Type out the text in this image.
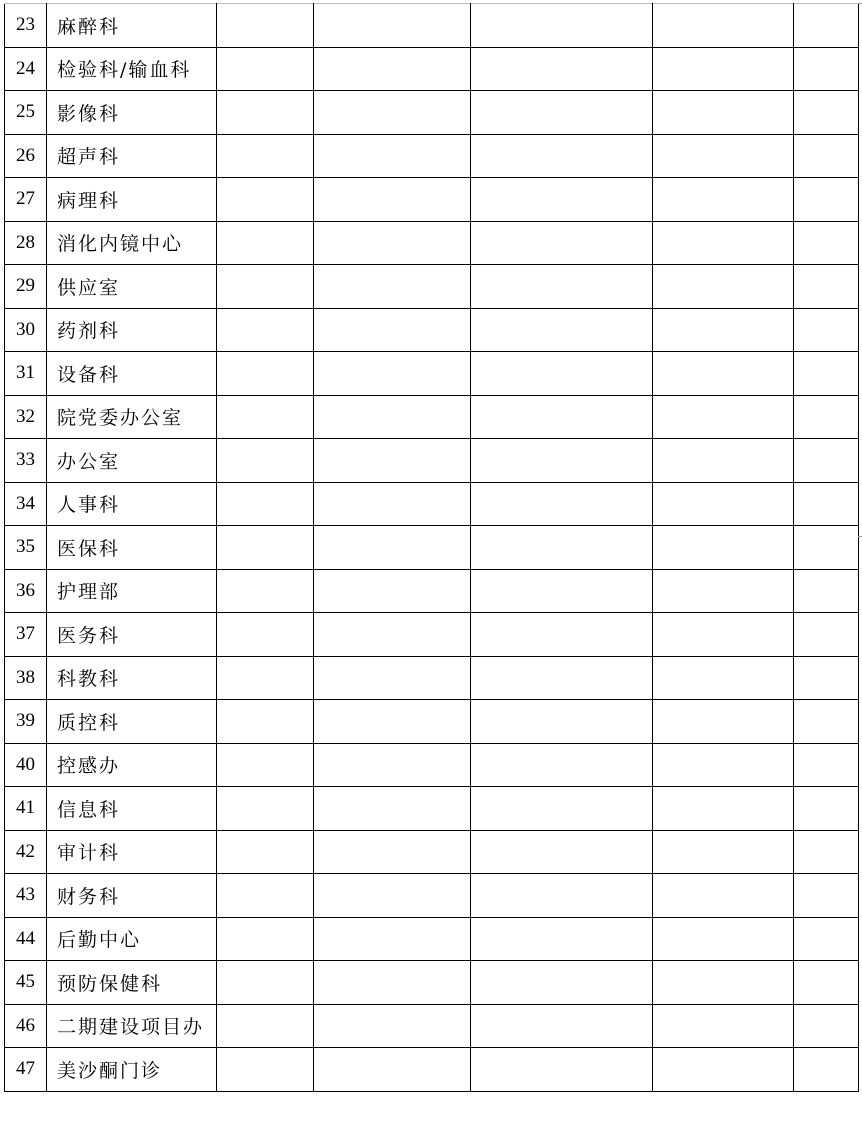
23	麻醉科					
24	检验科/输血科					
25	影像科					
26	超声科					
27	病理科					
28	消化内镜中心					
29	供应室					
30	药剂科					
31	设备科					
32	院党委办公室					
33	办公室					
34	人事科					
35	医保科					
36	护理部					
37	医务科					
38	科教科					
39	质控科					
40	控感办					
41	信息科					
42	审计科					
43	财务科					
44	后勤中心					
45	预防保健科					
46	二期建设项目办					
47	美沙酮门诊					
